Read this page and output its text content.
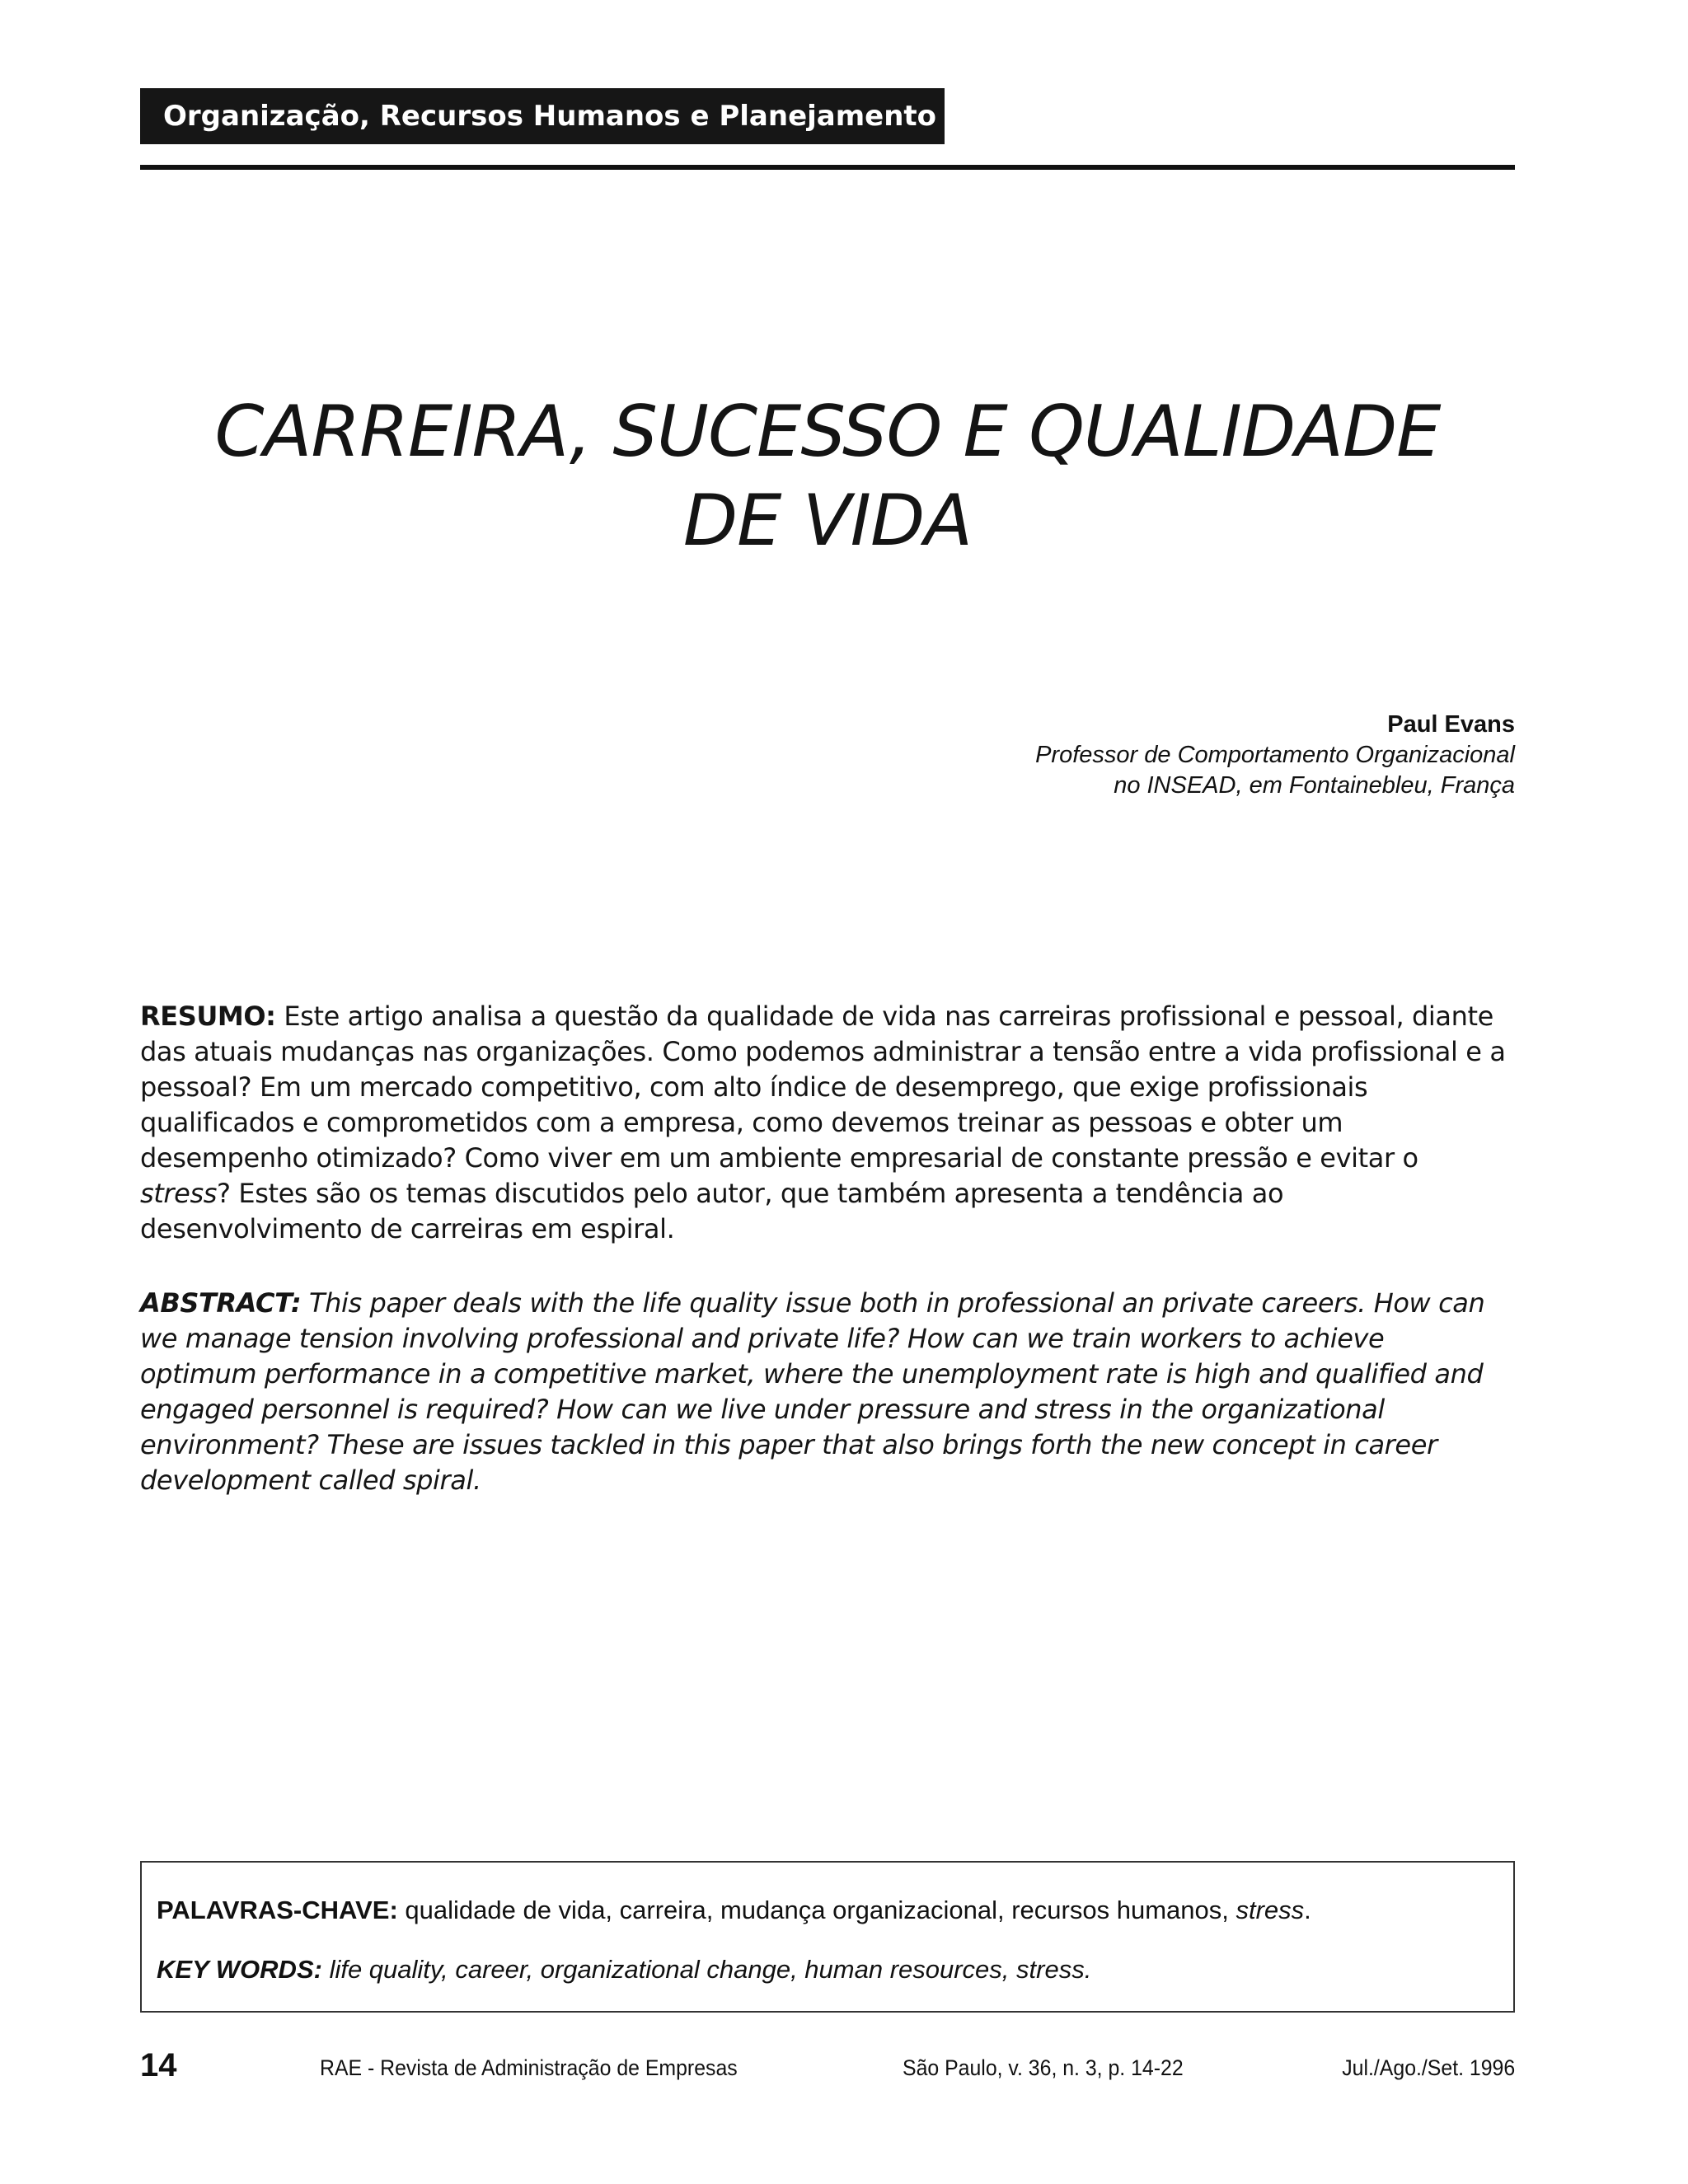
Organização, Recursos Humanos e Planejamento
CARREIRA, SUCESSO E QUALIDADE
DE VIDA
Paul Evans
Professor de Comportamento Organizacional
no INSEAD, em Fontainebleu, França

RESUMO: Este artigo analisa a questão da qualidade de vida nas carreiras profissional e pessoal, diante das atuais mudanças nas organizações. Como podemos administrar a tensão entre a vida profissional e a pessoal? Em um mercado competitivo, com alto índice de desemprego, que exige profissionais qualificados e comprometidos com a empresa, como devemos treinar as pessoas e obter um desempenho otimizado? Como viver em um ambiente empresarial de constante pressão e evitar o stress? Estes são os temas discutidos pelo autor, que também apresenta a tendência ao desenvolvimento de carreiras em espiral.

ABSTRACT: This paper deals with the life quality issue both in professional an private careers. How can we manage tension involving professional and private life? How can we train workers to achieve optimum performance in a competitive market, where the unemployment rate is high and qualified and engaged personnel is required? How can we live under pressure and stress in the organizational environment? These are issues tackled in this paper that also brings forth the new concept in career development called spiral.

PALAVRAS-CHAVE: qualidade de vida, carreira, mudança organizacional, recursos humanos, stress.
KEY WORDS: life quality, career, organizational change, human resources, stress.
14	RAE - Revista de Administração de Empresas	São Paulo, v. 36, n. 3, p. 14-22	Jul./Ago./Set. 1996
